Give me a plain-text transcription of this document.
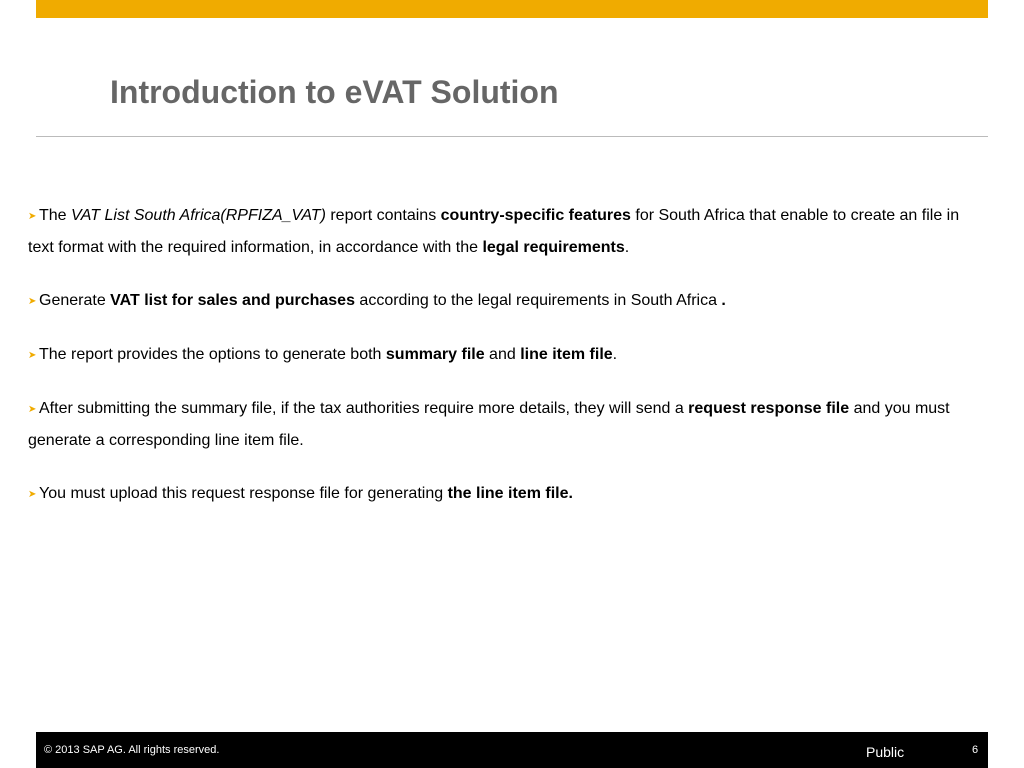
Introduction to eVAT Solution

➤ The VAT List South Africa(RPFIZA_VAT) report contains country-specific features for South Africa that enable to create an file in text format with the required information, in accordance with the legal requirements.

➤ Generate VAT list for sales and purchases according to the legal requirements in South Africa .

➤ The report provides the options to generate both summary file and line item file.

➤ After submitting the summary file, if the tax authorities require more details, they will send a request response file and you must generate a corresponding line item file.

➤ You must upload this request response file for generating the line item file.

© 2013 SAP AG. All rights reserved.	Public	6
